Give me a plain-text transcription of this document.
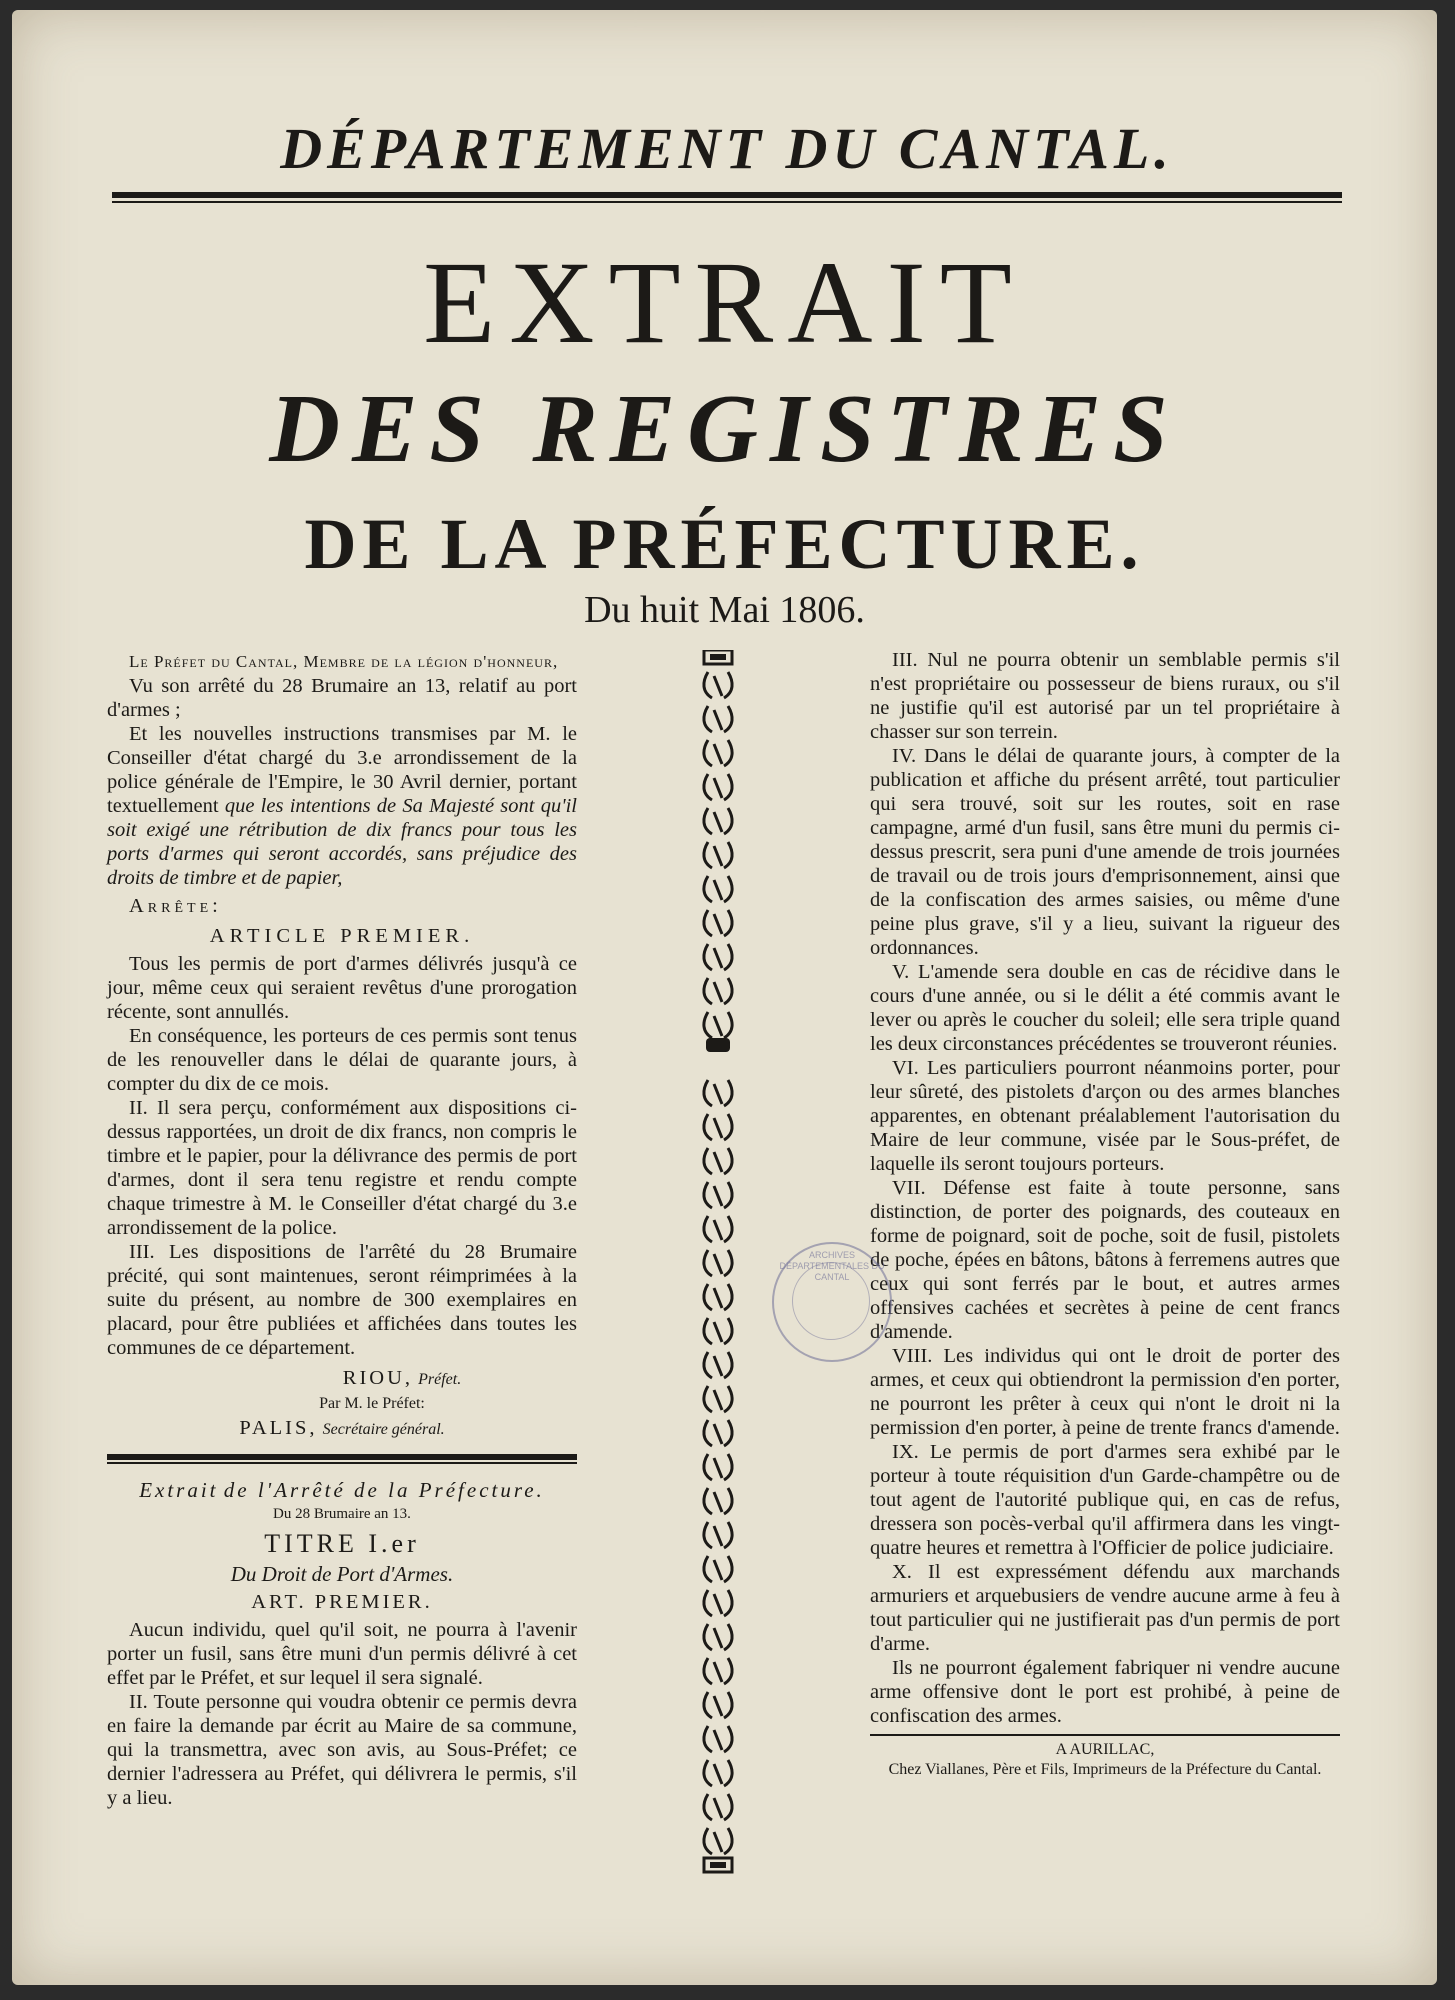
DÉPARTEMENT DU CANTAL.
EXTRAIT
DES REGISTRES
DE LA PRÉFECTURE.
Du huit Mai 1806.

Le Préfet du Cantal, Membre de la légion d'honneur,

Vu son arrêté du 28 Brumaire an 13, relatif au port d'armes ;

Et les nouvelles instructions transmises par M. le Conseiller d'état chargé du 3.e arrondissement de la police générale de l'Empire, le 30 Avril dernier, portant textuellement que les intentions de Sa Majesté sont qu'il soit exigé une rétribution de dix francs pour tous les ports d'armes qui seront accordés, sans préjudice des droits de timbre et de papier,

Arrête:

ARTICLE PREMIER.

Tous les permis de port d'armes délivrés jusqu'à ce jour, même ceux qui seraient revêtus d'une prorogation récente, sont annullés.

En conséquence, les porteurs de ces permis sont tenus de les renouveller dans le délai de quarante jours, à compter du dix de ce mois.

II. Il sera perçu, conformément aux dispositions ci-dessus rapportées, un droit de dix francs, non compris le timbre et le papier, pour la délivrance des permis de port d'armes, dont il sera tenu registre et rendu compte chaque trimestre à M. le Conseiller d'état chargé du 3.e arrondissement de la police.

III. Les dispositions de l'arrêté du 28 Brumaire précité, qui sont maintenues, seront réimprimées à la suite du présent, au nombre de 300 exemplaires en placard, pour être publiées et affichées dans toutes les communes de ce département.

RIOU, Préfet.

Par M. le Préfet:

PALIS, Secrétaire général.

Extrait de l'Arrêté de la Préfecture.
Du 28 Brumaire an 13.
TITRE I.er
Du Droit de Port d'Armes.
ART. PREMIER.

Aucun individu, quel qu'il soit, ne pourra à l'avenir porter un fusil, sans être muni d'un permis délivré à cet effet par le Préfet, et sur lequel il sera signalé.

II. Toute personne qui voudra obtenir ce permis devra en faire la demande par écrit au Maire de sa commune, qui la transmettra, avec son avis, au Sous-Préfet; ce dernier l'adressera au Préfet, qui délivrera le permis, s'il y a lieu.

III. Nul ne pourra obtenir un semblable permis s'il n'est propriétaire ou possesseur de biens ruraux, ou s'il ne justifie qu'il est autorisé par un tel propriétaire à chasser sur son terrein.

IV. Dans le délai de quarante jours, à compter de la publication et affiche du présent arrêté, tout particulier qui sera trouvé, soit sur les routes, soit en rase campagne, armé d'un fusil, sans être muni du permis ci-dessus prescrit, sera puni d'une amende de trois journées de travail ou de trois jours d'emprisonnement, ainsi que de la confiscation des armes saisies, ou même d'une peine plus grave, s'il y a lieu, suivant la rigueur des ordonnances.

V. L'amende sera double en cas de récidive dans le cours d'une année, ou si le délit a été commis avant le lever ou après le coucher du soleil; elle sera triple quand les deux circonstances précédentes se trouveront réunies.

VI. Les particuliers pourront néanmoins porter, pour leur sûreté, des pistolets d'arçon ou des armes blanches apparentes, en obtenant préalablement l'autorisation du Maire de leur commune, visée par le Sous-préfet, de laquelle ils seront toujours porteurs.

VII. Défense est faite à toute personne, sans distinction, de porter des poignards, des couteaux en forme de poignard, soit de poche, soit de fusil, pistolets de poche, épées en bâtons, bâtons à ferremens autres que ceux qui sont ferrés par le bout, et autres armes offensives cachées et secrètes à peine de cent francs d'amende.

VIII. Les individus qui ont le droit de porter des armes, et ceux qui obtiendront la permission d'en porter, ne pourront les prêter à ceux qui n'ont le droit ni la permission d'en porter, à peine de trente francs d'amende.

IX. Le permis de port d'armes sera exhibé par le porteur à toute réquisition d'un Garde-champêtre ou de tout agent de l'autorité publique qui, en cas de refus, dressera son pocès-verbal qu'il affirmera dans les vingt-quatre heures et remettra à l'Officier de police judiciaire.

X. Il est expressément défendu aux marchands armuriers et arquebusiers de vendre aucune arme à feu à tout particulier qui ne justifierait pas d'un permis de port d'arme.

Ils ne pourront également fabriquer ni vendre aucune arme offensive dont le port est prohibé, à peine de confiscation des armes.

A AURILLAC,

Chez Viallanes, Père et Fils, Imprimeurs de la Préfecture du Cantal.

ARCHIVES DÉPARTEMENTALES DU CANTAL
